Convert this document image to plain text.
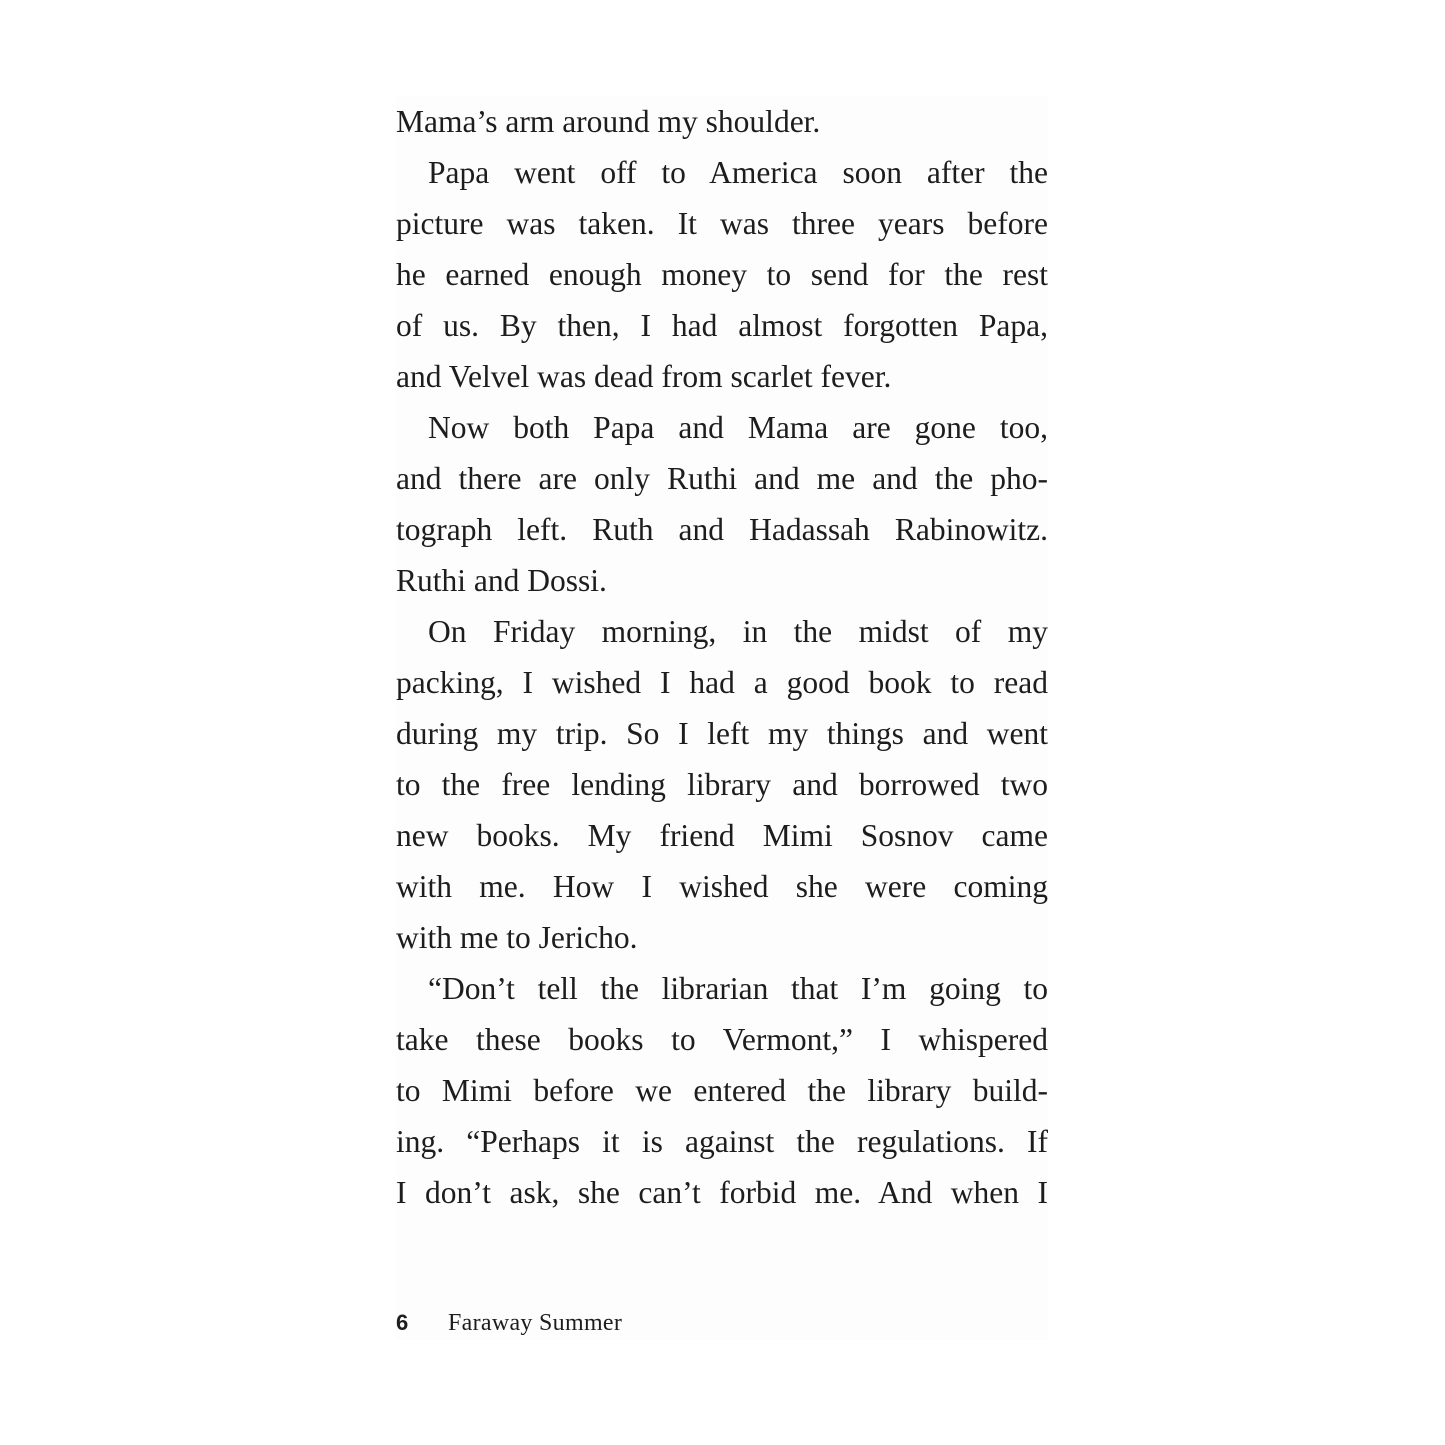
Mama’s arm around my shoulder.
Papa went off to America soon after the
picture was taken. It was three years before
he earned enough money to send for the rest
of us. By then, I had almost forgotten Papa,
and Velvel was dead from scarlet fever.
Now both Papa and Mama are gone too,
and there are only Ruthi and me and the pho-
tograph left. Ruth and Hadassah Rabinowitz.
Ruthi and Dossi.
On Friday morning, in the midst of my
packing, I wished I had a good book to read
during my trip. So I left my things and went
to the free lending library and borrowed two
new books. My friend Mimi Sosnov came
with me. How I wished she were coming
with me to Jericho.
“Don’t tell the librarian that I’m going to
take these books to Vermont,” I whispered
to Mimi before we entered the library build-
ing. “Perhaps it is against the regulations. If
I don’t ask, she can’t forbid me. And when I
6 Faraway Summer
